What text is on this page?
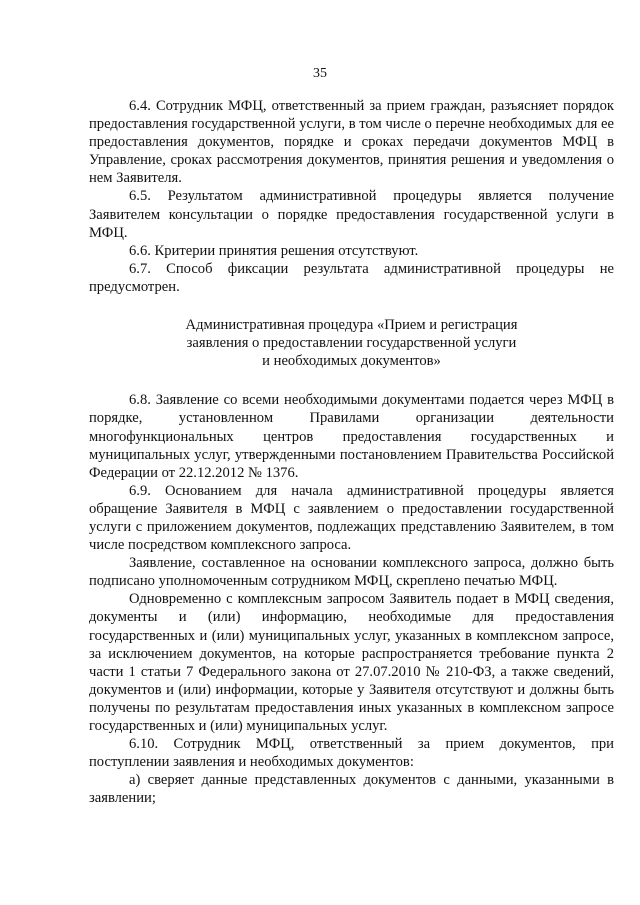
35

6.4. Сотрудник МФЦ, ответственный за прием граждан, разъясняет порядок предоставления государственной услуги, в том числе о перечне необходимых для ее предоставления документов, порядке и сроках передачи документов МФЦ в Управление, сроках рассмотрения документов, принятия решения и уведомления о нем Заявителя.

6.5. Результатом административной процедуры является получение Заявителем консультации о порядке предоставления государственной услуги в МФЦ.

6.6. Критерии принятия решения отсутствуют.

6.7. Способ фиксации результата административной процедуры не предусмотрен.

Административная процедура «Прием и регистрация
заявления о предоставлении государственной услуги
и необходимых документов»

6.8. Заявление со всеми необходимыми документами подается через МФЦ в порядке, установленном Правилами организации деятельности многофункциональных центров предоставления государственных и муниципальных услуг, утвержденными постановлением Правительства Российской Федерации от 22.12.2012 № 1376.

6.9. Основанием для начала административной процедуры является обращение Заявителя в МФЦ с заявлением о предоставлении государственной услуги с приложением документов, подлежащих представлению Заявителем, в том числе посредством комплексного запроса.

Заявление, составленное на основании комплексного запроса, должно быть подписано уполномоченным сотрудником МФЦ, скреплено печатью МФЦ.

Одновременно с комплексным запросом Заявитель подает в МФЦ сведения, документы и (или) информацию, необходимые для предоставления государственных и (или) муниципальных услуг, указанных в комплексном запросе, за исключением документов, на которые распространяется требование пункта 2 части 1 статьи 7 Федерального закона от 27.07.2010 № 210-ФЗ, а также сведений, документов и (или) информации, которые у Заявителя отсутствуют и должны быть получены по результатам предоставления иных указанных в комплексном запросе государственных и (или) муниципальных услуг.

6.10. Сотрудник МФЦ, ответственный за прием документов, при поступлении заявления и необходимых документов:

а) сверяет данные представленных документов с данными, указанными в заявлении;
